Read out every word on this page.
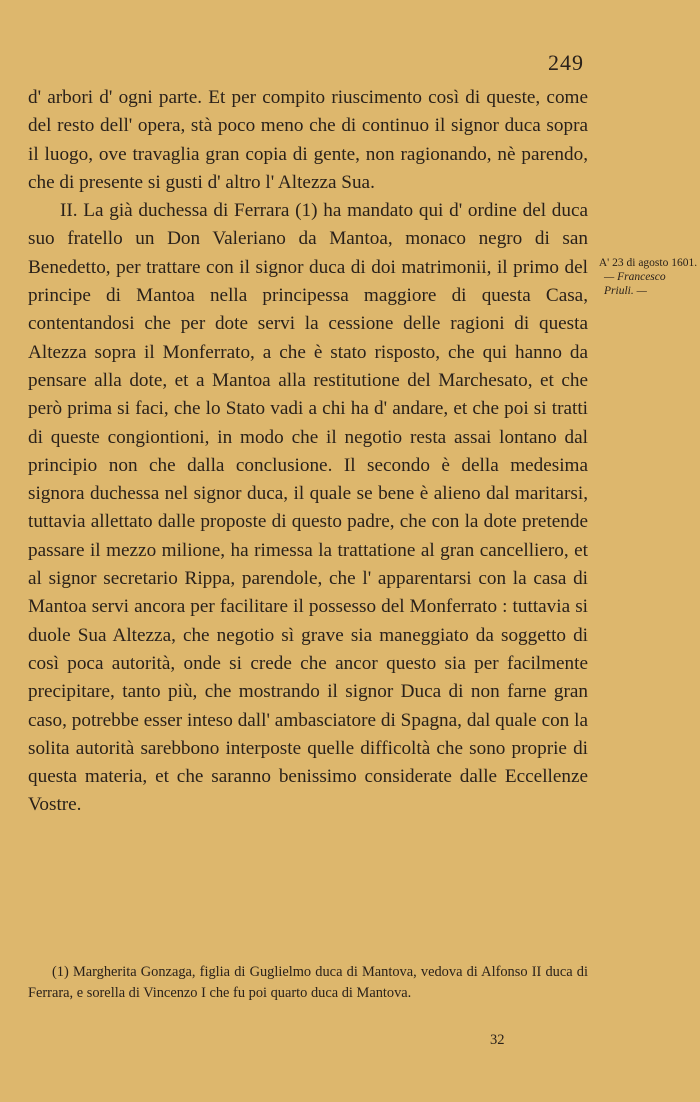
249

d' arbori d' ogni parte. Et per compito riuscimento così di queste, come del resto dell' opera, stà poco meno che di continuo il signor duca sopra il luogo, ove travaglia gran copia di gente, non ragionando, nè parendo, che di presente si gusti d' altro l' Altezza Sua.

II. La già duchessa di Ferrara (1) ha mandato qui d' ordine del duca suo fratello un Don Valeriano da Mantoa, monaco negro di san Benedetto, per trattare con il signor duca di doi matrimonii, il primo del principe di Mantoa nella principessa maggiore di questa Casa, contentandosi che per dote servi la cessione delle ragioni di questa Altezza sopra il Monferrato, a che è stato risposto, che qui hanno da pensare alla dote, et a Mantoa alla restitutione del Marchesato, et che però prima si faci, che lo Stato vadi a chi ha d' andare, et che poi si tratti di queste congiontioni, in modo che il negotio resta assai lontano dal principio non che dalla conclusione. Il secondo è della medesima signora duchessa nel signor duca, il quale se bene è alieno dal maritarsi, tuttavia allettato dalle proposte di questo padre, che con la dote pretende passare il mezzo milione, ha rimessa la trattatione al gran cancelliero, et al signor secretario Rippa, parendole, che l' apparentarsi con la casa di Mantoa servi ancora per facilitare il possesso del Monferrato : tuttavia si duole Sua Altezza, che negotio sì grave sia maneggiato da soggetto di così poca autorità, onde si crede che ancor questo sia per facilmente precipitare, tanto più, che mostrando il signor Duca di non farne gran caso, potrebbe esser inteso dall' ambasciatore di Spagna, dal quale con la solita autorità sarebbono interposte quelle difficoltà che sono proprie di questa materia, et che saranno benissimo considerate dalle Eccellenze Vostre.

A' 23 di agosto 1601.
— Francesco Priuli. —

(1) Margherita Gonzaga, figlia di Guglielmo duca di Mantova, vedova di Alfonso II duca di Ferrara, e sorella di Vincenzo I che fu poi quarto duca di Mantova.

32
